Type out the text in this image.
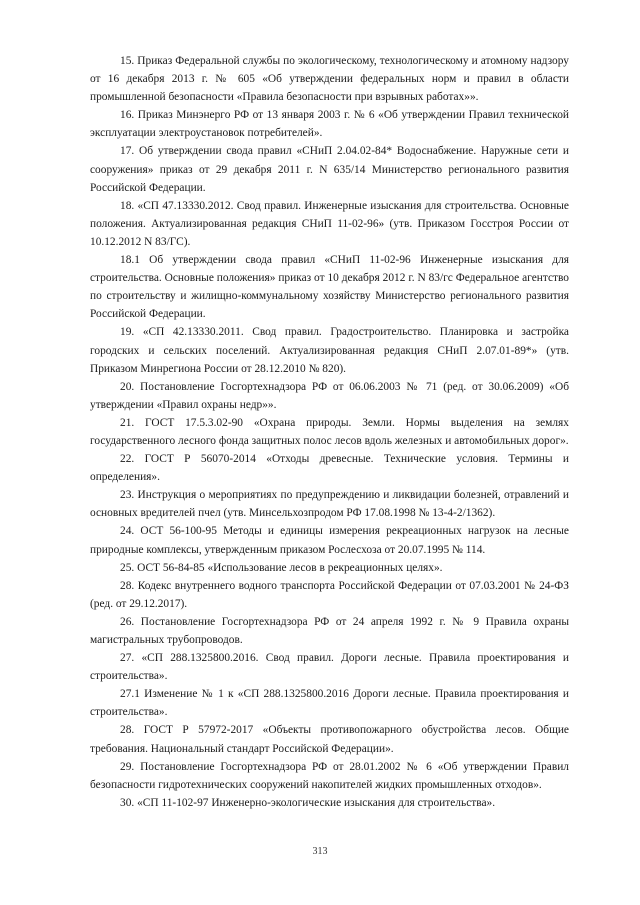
15. Приказ Федеральной службы по экологическому, технологическому и атомному надзору от 16 декабря 2013 г. № 605 «Об утверждении федеральных норм и правил в области промышленной безопасности «Правила безопасности при взрывных работах»».

16. Приказ Минэнерго РФ от 13 января 2003 г. № 6 «Об утверждении Правил технической эксплуатации электроустановок потребителей».

17. Об утверждении свода правил «СНиП 2.04.02-84* Водоснабжение. Наружные сети и сооружения» приказ от 29 декабря 2011 г. N 635/14 Министерство регионального развития Российской Федерации.

18. «СП 47.13330.2012. Свод правил. Инженерные изыскания для строительства. Основные положения. Актуализированная редакция СНиП 11-02-96» (утв. Приказом Госстроя России от 10.12.2012 N 83/ГС).

18.1 Об утверждении свода правил «СНиП 11-02-96 Инженерные изыскания для строительства. Основные положения» приказ от 10 декабря 2012 г. N 83/гс Федеральное агентство по строительству и жилищно-коммунальному хозяйству Министерство регионального развития Российской Федерации.

19. «СП 42.13330.2011. Свод правил. Градостроительство. Планировка и застройка городских и сельских поселений. Актуализированная редакция СНиП 2.07.01-89*» (утв. Приказом Минрегиона России от 28.12.2010 № 820).

20. Постановление Госгортехнадзора РФ от 06.06.2003 № 71 (ред. от 30.06.2009) «Об утверждении «Правил охраны недр»».

21. ГОСТ 17.5.3.02-90 «Охрана природы. Земли. Нормы выделения на землях государственного лесного фонда защитных полос лесов вдоль железных и автомобильных дорог».

22. ГОСТ Р 56070-2014 «Отходы древесные. Технические условия. Термины и определения».

23. Инструкция о мероприятиях по предупреждению и ликвидации болезней, отравлений и основных вредителей пчел (утв. Минсельхозпродом РФ 17.08.1998 № 13-4-2/1362).

24. ОСТ 56-100-95 Методы и единицы измерения рекреационных нагрузок на лесные природные комплексы, утвержденным приказом Рослесхоза от 20.07.1995 № 114.

25. ОСТ 56-84-85 «Использование лесов в рекреационных целях».

28. Кодекс внутреннего водного транспорта Российской Федерации от 07.03.2001 № 24-ФЗ (ред. от 29.12.2017).

26. Постановление Госгортехнадзора РФ от 24 апреля 1992 г. № 9 Правила охраны магистральных трубопроводов.

27. «СП 288.1325800.2016. Свод правил. Дороги лесные. Правила проектирования и строительства».

27.1 Изменение № 1 к «СП 288.1325800.2016 Дороги лесные. Правила проектирования и строительства».

28. ГОСТ Р 57972-2017 «Объекты противопожарного обустройства лесов. Общие требования. Национальный стандарт Российской Федерации».

29. Постановление Госгортехнадзора РФ от 28.01.2002 № 6 «Об утверждении Правил безопасности гидротехнических сооружений накопителей жидких промышленных отходов».

30. «СП 11-102-97 Инженерно-экологические изыскания для строительства».

313
